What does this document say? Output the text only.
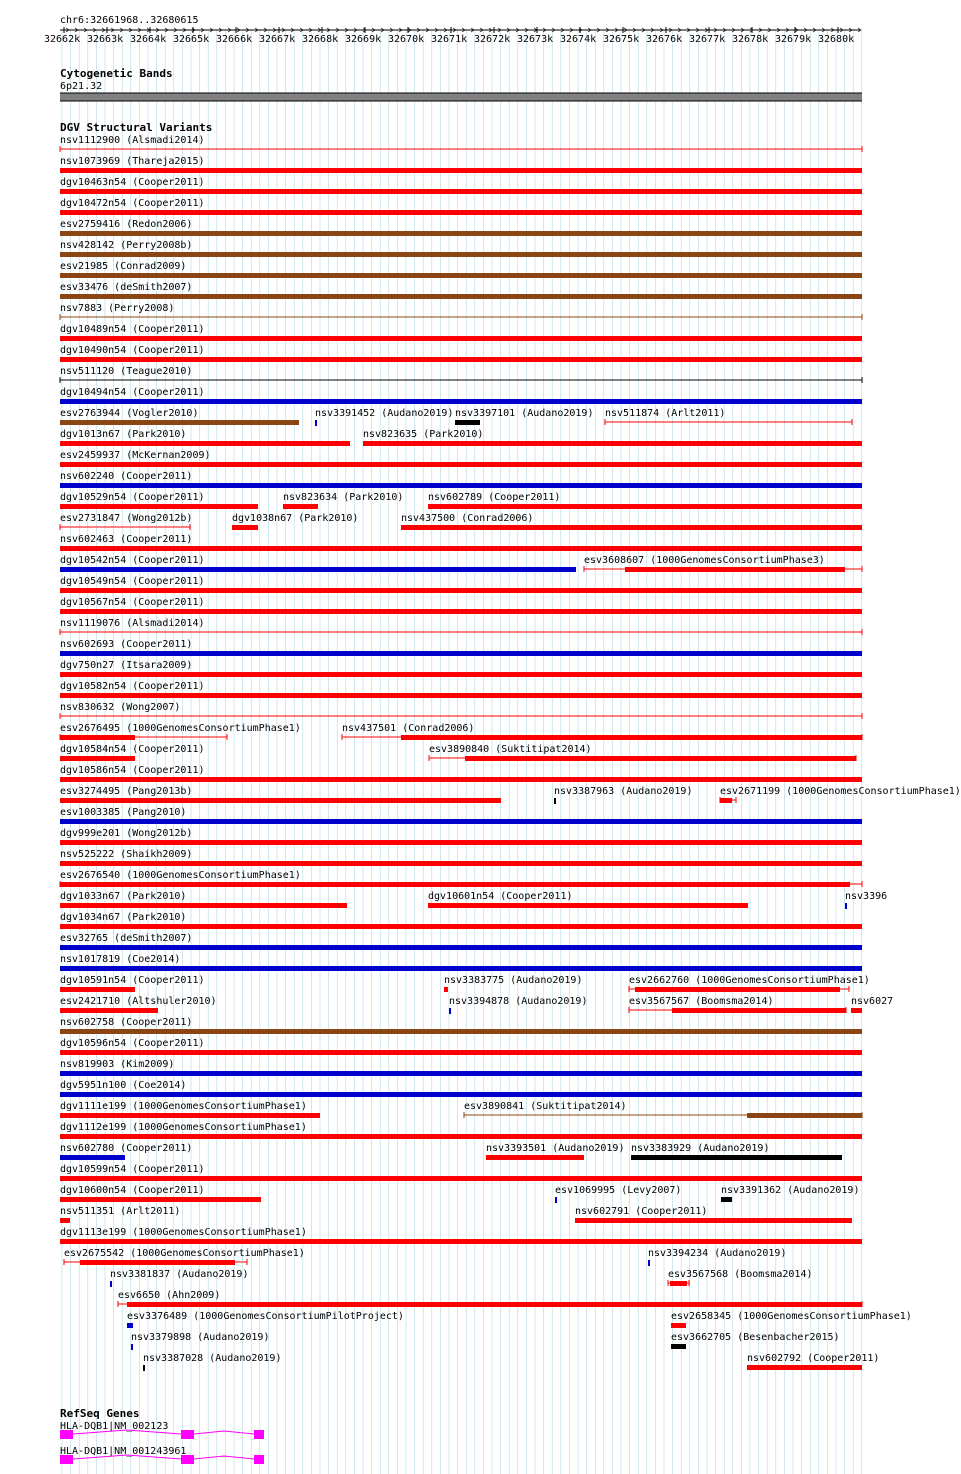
chr6:32661968..32680615
32662k 32663k 32664k 32665k 32666k 32667k 32668k 32669k 32670k 32671k 32672k 32673k 32674k 32675k 32676k 32677k 32678k 32679k 32680k
Cytogenetic Bands
6p21.32
DGV Structural Variants
nsv1112900 (Alsmadi2014)
nsv1073969 (Thareja2015)
dgv10463n54 (Cooper2011)
dgv10472n54 (Cooper2011)
esv2759416 (Redon2006)
nsv428142 (Perry2008b)
esv21985 (Conrad2009)
esv33476 (deSmith2007)
nsv7883 (Perry2008)
dgv10489n54 (Cooper2011)
dgv10490n54 (Cooper2011)
nsv511120 (Teague2010)
dgv10494n54 (Cooper2011)
esv2763944 (Vogler2010)	nsv3391452 (Audano2019) nsv3397101 (Audano2019) nsv511874 (Arlt2011)
dgv1013n67 (Park2010)	nsv823635 (Park2010)
esv2459937 (McKernan2009)
nsv602240 (Cooper2011)
dgv10529n54 (Cooper2011)	nsv823634 (Park2010) nsv602789 (Cooper2011)
esv2731847 (Wong2012b)	dgv1038n67 (Park2010)	nsv437500 (Conrad2006)
nsv602463 (Cooper2011)
dgv10542n54 (Cooper2011)	esv3608607 (1000GenomesConsortiumPhase3)
dgv10549n54 (Cooper2011)
dgv10567n54 (Cooper2011)
nsv1119076 (Alsmadi2014)
nsv602693 (Cooper2011)
dgv750n27 (Itsara2009)
dgv10582n54 (Cooper2011)
nsv830632 (Wong2007)
esv2676495 (1000GenomesConsortiumPhase1)	nsv437501 (Conrad2006)
dgv10584n54 (Cooper2011)	esv3890840 (Suktitipat2014)
dgv10586n54 (Cooper2011)
esv3274495 (Pang2013b)	nsv3387963 (Audano2019)	esv2671199 (1000GenomesConsortiumPhase1)
esv1003385 (Pang2010)
dgv999e201 (Wong2012b)
nsv525222 (Shaikh2009)
esv2676540 (1000GenomesConsortiumPhase1)
dgv1033n67 (Park2010)	dgv10601n54 (Cooper2011)	nsv3396
dgv1034n67 (Park2010)
esv32765 (deSmith2007)
nsv1017819 (Coe2014)
dgv10591n54 (Cooper2011)	nsv3383775 (Audano2019)	esv2662760 (1000GenomesConsortiumPhase1)
esv2421710 (Altshuler2010)	nsv3394878 (Audano2019)	esv3567567 (Boomsma2014)	nsv6027
nsv602758 (Cooper2011)
dgv10596n54 (Cooper2011)
nsv819903 (Kim2009)
dgv5951n100 (Coe2014)
dgv1111e199 (1000GenomesConsortiumPhase1)	esv3890841 (Suktitipat2014)
dgv1112e199 (1000GenomesConsortiumPhase1)
nsv602780 (Cooper2011)	nsv3393501 (Audano2019) nsv3383929 (Audano2019)
dgv10599n54 (Cooper2011)
dgv10600n54 (Cooper2011)	esv1069995 (Levy2007)	nsv3391362 (Audano2019)
nsv511351 (Arlt2011)	nsv602791 (Cooper2011)
dgv1113e199 (1000GenomesConsortiumPhase1)
esv2675542 (1000GenomesConsortiumPhase1)	nsv3394234 (Audano2019)
nsv3381837 (Audano2019)	esv3567568 (Boomsma2014)
esv6650 (Ahn2009)
esv3376489 (1000GenomesConsortiumPilotProject)	esv2658345 (1000GenomesConsortiumPhase1)
nsv3379898 (Audano2019)	esv3662705 (Besenbacher2015)
nsv3387028 (Audano2019)	nsv602792 (Cooper2011)
RefSeq Genes
HLA-DQB1|NM_002123
HLA-DQB1|NM_001243961
